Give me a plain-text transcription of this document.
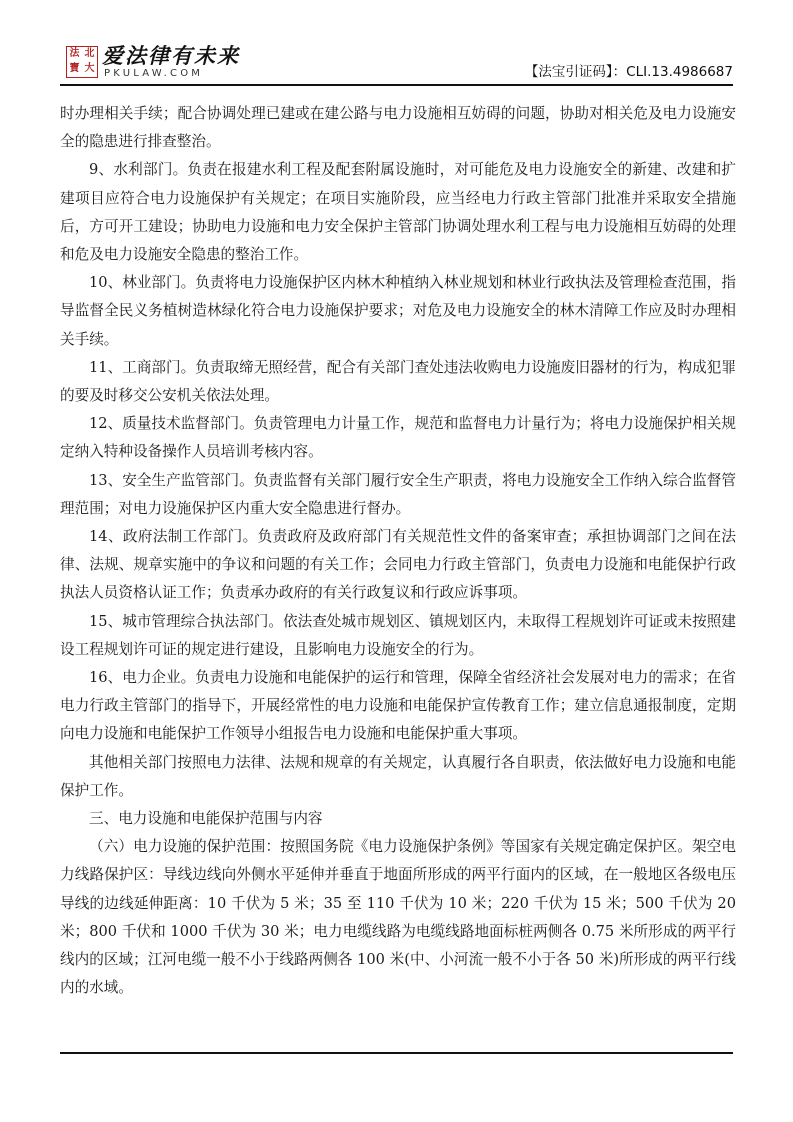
法 北
寶 大
爱法律有未来
PKULAW.COM	【法宝引证码】：CLI.13.4986687

时办理相关手续；配合协调处理已建或在建公路与电力设施相互妨碍的问题，协助对相关危及电力设施安全的隐患进行排查整治。

9、水利部门。负责在报建水利工程及配套附属设施时，对可能危及电力设施安全的新建、改建和扩建项目应符合电力设施保护有关规定；在项目实施阶段，应当经电力行政主管部门批准并采取安全措施后，方可开工建设；协助电力设施和电力安全保护主管部门协调处理水利工程与电力设施相互妨碍的处理和危及电力设施安全隐患的整治工作。

10、林业部门。负责将电力设施保护区内林木种植纳入林业规划和林业行政执法及管理检查范围，指导监督全民义务植树造林绿化符合电力设施保护要求；对危及电力设施安全的林木清障工作应及时办理相关手续。

11、工商部门。负责取缔无照经营，配合有关部门查处违法收购电力设施废旧器材的行为，构成犯罪的要及时移交公安机关依法处理。

12、质量技术监督部门。负责管理电力计量工作，规范和监督电力计量行为；将电力设施保护相关规定纳入特种设备操作人员培训考核内容。

13、安全生产监管部门。负责监督有关部门履行安全生产职责，将电力设施安全工作纳入综合监督管理范围；对电力设施保护区内重大安全隐患进行督办。

14、政府法制工作部门。负责政府及政府部门有关规范性文件的备案审查；承担协调部门之间在法律、法规、规章实施中的争议和问题的有关工作；会同电力行政主管部门，负责电力设施和电能保护行政执法人员资格认证工作；负责承办政府的有关行政复议和行政应诉事项。

15、城市管理综合执法部门。依法查处城市规划区、镇规划区内，未取得工程规划许可证或未按照建设工程规划许可证的规定进行建设，且影响电力设施安全的行为。

16、电力企业。负责电力设施和电能保护的运行和管理，保障全省经济社会发展对电力的需求；在省电力行政主管部门的指导下，开展经常性的电力设施和电能保护宣传教育工作；建立信息通报制度，定期向电力设施和电能保护工作领导小组报告电力设施和电能保护重大事项。

其他相关部门按照电力法律、法规和规章的有关规定，认真履行各自职责，依法做好电力设施和电能保护工作。

三、电力设施和电能保护范围与内容

（六）电力设施的保护范围：按照国务院《电力设施保护条例》等国家有关规定确定保护区。架空电力线路保护区：导线边线向外侧水平延伸并垂直于地面所形成的两平行面内的区域，在一般地区各级电压导线的边线延伸距离：10 千伏为 5 米；35 至 110 千伏为 10 米；220 千伏为 15 米；500 千伏为 20 米；800 千伏和 1000 千伏为 30 米；电力电缆线路为电缆线路地面标桩两侧各 0.75 米所形成的两平行线内的区域；江河电缆一般不小于线路两侧各 100 米(中、小河流一般不小于各 50 米)所形成的两平行线内的水域。
